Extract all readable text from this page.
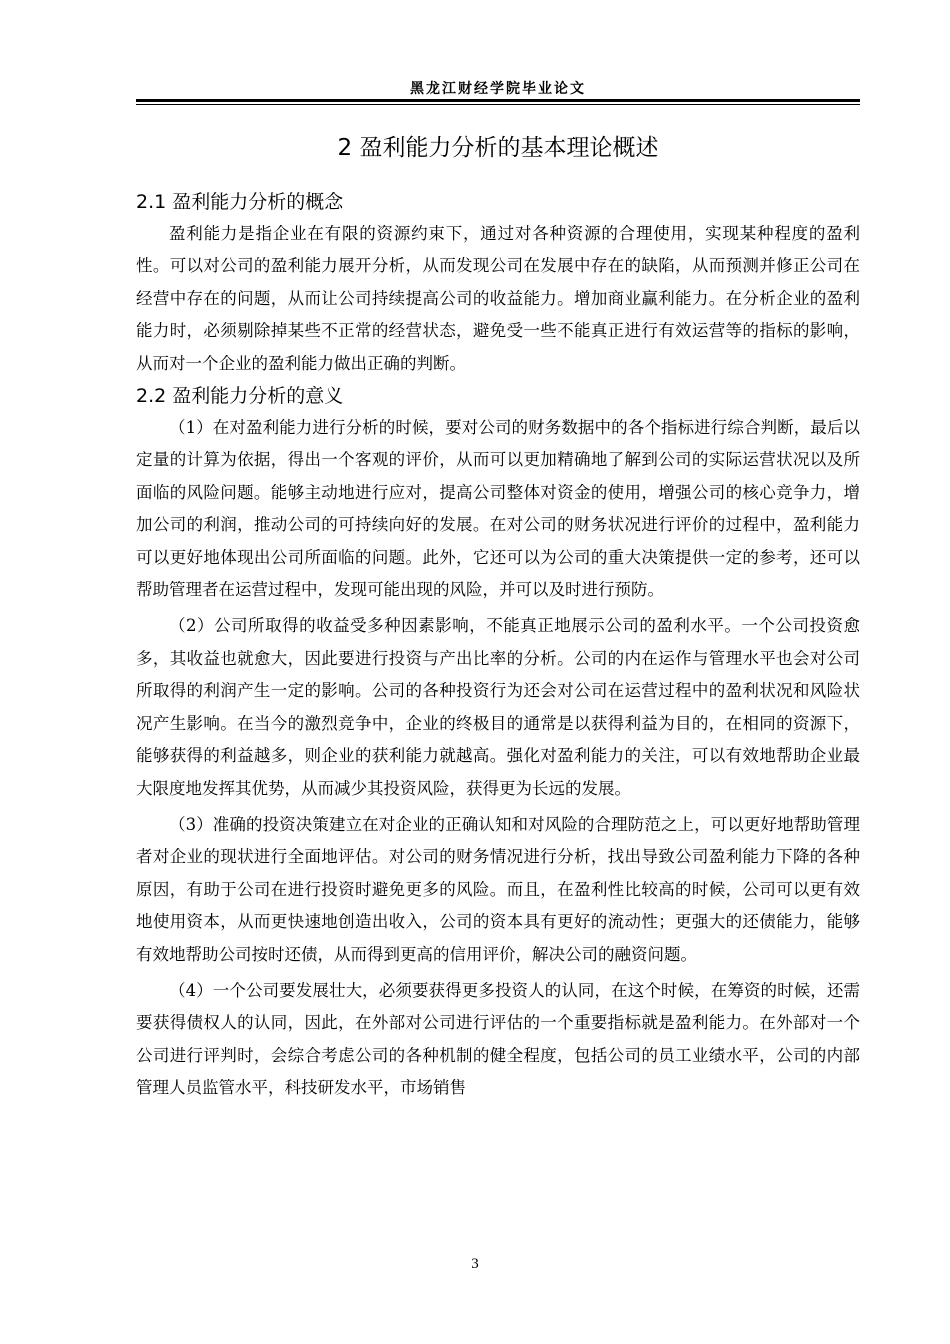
黑龙江财经学院毕业论文
2 盈利能力分析的基本理论概述
2.1 盈利能力分析的概念

盈利能力是指企业在有限的资源约束下，通过对各种资源的合理使用，实现某种程度的盈利性。可以对公司的盈利能力展开分析，从而发现公司在发展中存在的缺陷，从而预测并修正公司在经营中存在的问题，从而让公司持续提高公司的收益能力。增加商业赢利能力。在分析企业的盈利能力时，必须剔除掉某些不正常的经营状态，避免受一些不能真正进行有效运营等的指标的影响，从而对一个企业的盈利能力做出正确的判断。

2.2 盈利能力分析的意义

（1）在对盈利能力进行分析的时候，要对公司的财务数据中的各个指标进行综合判断，最后以定量的计算为依据，得出一个客观的评价，从而可以更加精确地了解到公司的实际运营状况以及所面临的风险问题。能够主动地进行应对，提高公司整体对资金的使用，增强公司的核心竞争力，增加公司的利润，推动公司的可持续向好的发展。在对公司的财务状况进行评价的过程中，盈利能力可以更好地体现出公司所面临的问题。此外，它还可以为公司的重大决策提供一定的参考，还可以帮助管理者在运营过程中，发现可能出现的风险，并可以及时进行预防。

（2）公司所取得的收益受多种因素影响，不能真正地展示公司的盈利水平。一个公司投资愈多，其收益也就愈大，因此要进行投资与产出比率的分析。公司的内在运作与管理水平也会对公司所取得的利润产生一定的影响。公司的各种投资行为还会对公司在运营过程中的盈利状况和风险状况产生影响。在当今的激烈竞争中，企业的终极目的通常是以获得利益为目的，在相同的资源下，能够获得的利益越多，则企业的获利能力就越高。强化对盈利能力的关注，可以有效地帮助企业最大限度地发挥其优势，从而减少其投资风险，获得更为长远的发展。

（3）准确的投资决策建立在对企业的正确认知和对风险的合理防范之上，可以更好地帮助管理者对企业的现状进行全面地评估。对公司的财务情况进行分析，找出导致公司盈利能力下降的各种原因，有助于公司在进行投资时避免更多的风险。而且，在盈利性比较高的时候，公司可以更有效地使用资本，从而更快速地创造出收入，公司的资本具有更好的流动性；更强大的还债能力，能够有效地帮助公司按时还债，从而得到更高的信用评价，解决公司的融资问题。

（4）一个公司要发展壮大，必须要获得更多投资人的认同，在这个时候，在筹资的时候，还需要获得债权人的认同，因此，在外部对公司进行评估的一个重要指标就是盈利能力。在外部对一个公司进行评判时，会综合考虑公司的各种机制的健全程度，包括公司的员工业绩水平，公司的内部管理人员监管水平，科技研发水平，市场销售

3
